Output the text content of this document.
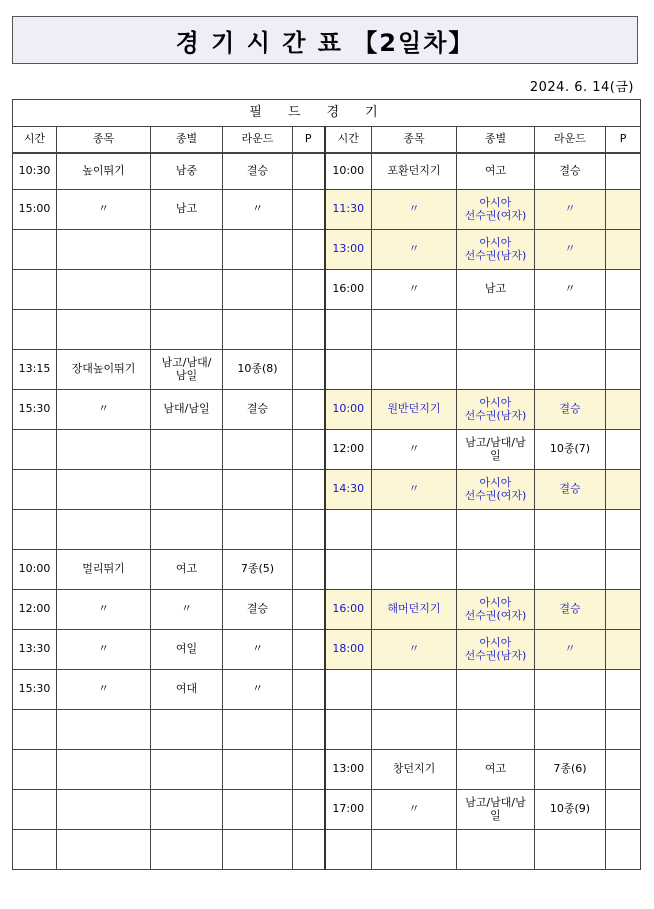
경 기 시 간 표 【2일차】
2024. 6. 14(금)
필드경기									
시간	종목	종별	라운드	P	시간	종목	종별	라운드	P

10:30	높이뛰기	남중	결승		10:00	포환던지기	여고	결승	
15:00	〃	남고	〃		11:30	〃	아시아
선수권(여자)	〃	
					13:00	〃	아시아
선수권(남자)	〃	
					16:00	〃	남고	〃	

13:15	장대높이뛰기	남고/남대/
남일	10종(8)						
15:30	〃	남대/남일	결승		10:00	원반던지기	아시아
선수권(남자)	결승	
					12:00	〃	남고/남대/남
일	10종(7)	
					14:30	〃	아시아
선수권(여자)	결승	

10:00	멀리뛰기	여고	7종(5)						
12:00	〃	〃	결승		16:00	해머던지기	아시아
선수권(여자)	결승	
13:30	〃	여일	〃		18:00	〃	아시아
선수권(남자)	〃	
15:30	〃	여대	〃						

					13:00	창던지기	여고	7종(6)	
					17:00	〃	남고/남대/남
일	10종(9)	
